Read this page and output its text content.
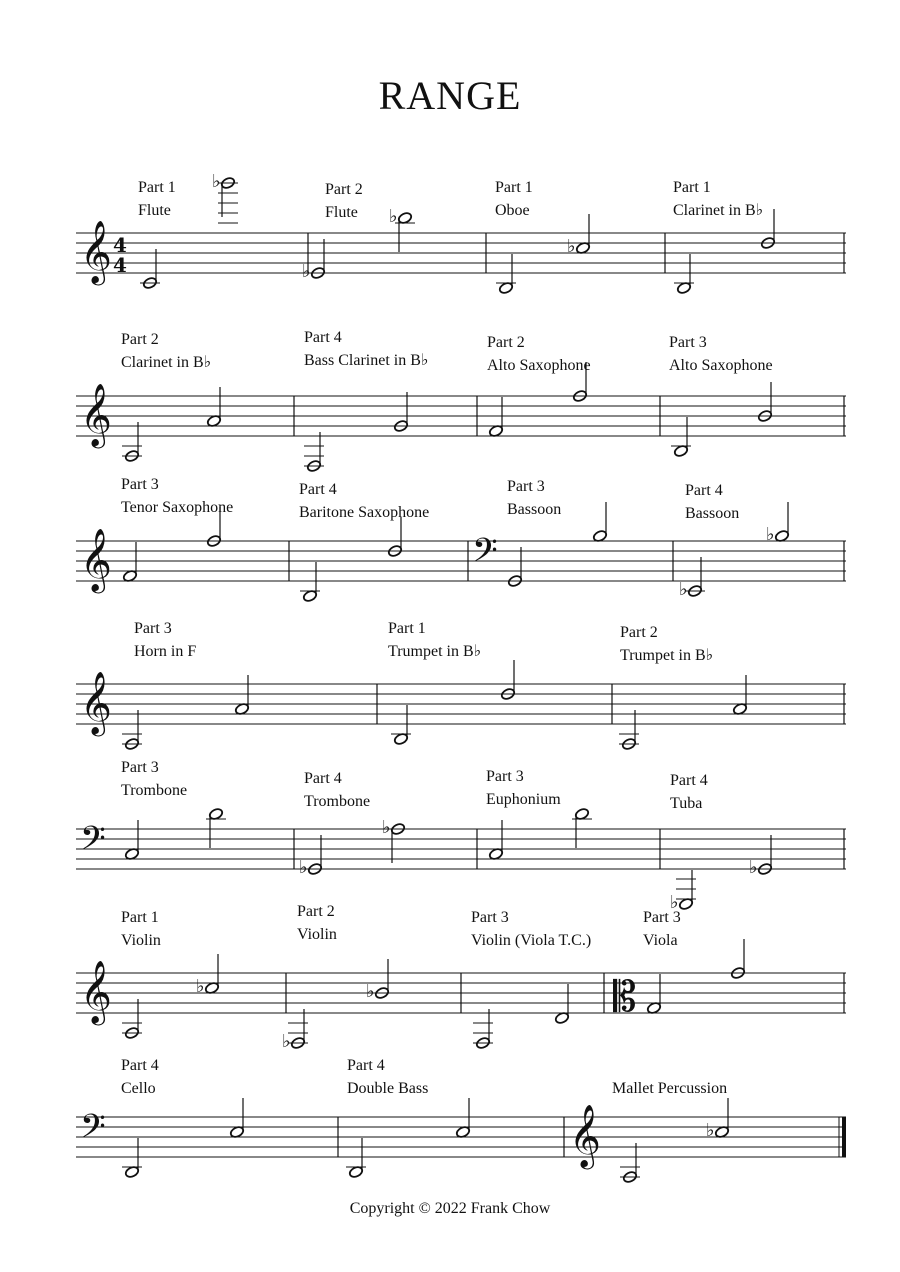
RANGE
Part 1
Flute
Part 2
Flute
Part 1
Oboe
Part 1
Clarinet in B♭
Part 2
Clarinet in B♭
Part 4
Bass Clarinet in B♭
Part 2
Alto Saxophone
Part 3
Alto Saxophone
Part 3
Tenor Saxophone
Part 4
Baritone Saxophone
Part 3
Bassoon
Part 4
Bassoon
Part 3
Horn in F
Part 1
Trumpet in B♭
Part 2
Trumpet in B♭
Part 3
Trombone
Part 4
Trombone
Part 3
Euphonium
Part 4
Tuba
Part 1
Violin
Part 2
Violin
Part 3
Violin (Viola T.C.)
Part 3
Viola
Part 4
Cello
Part 4
Double Bass	Mallet Percussion
𝄞 4
4
♭
♭
♭
♭
𝄞
𝄞	𝄢
♭
♭
𝄞
𝄢
♭
♭
♭
♭
𝄞	𝄡
♭
♭
♭
𝄢	𝄞	♭
Copyright © 2022 Frank Chow
